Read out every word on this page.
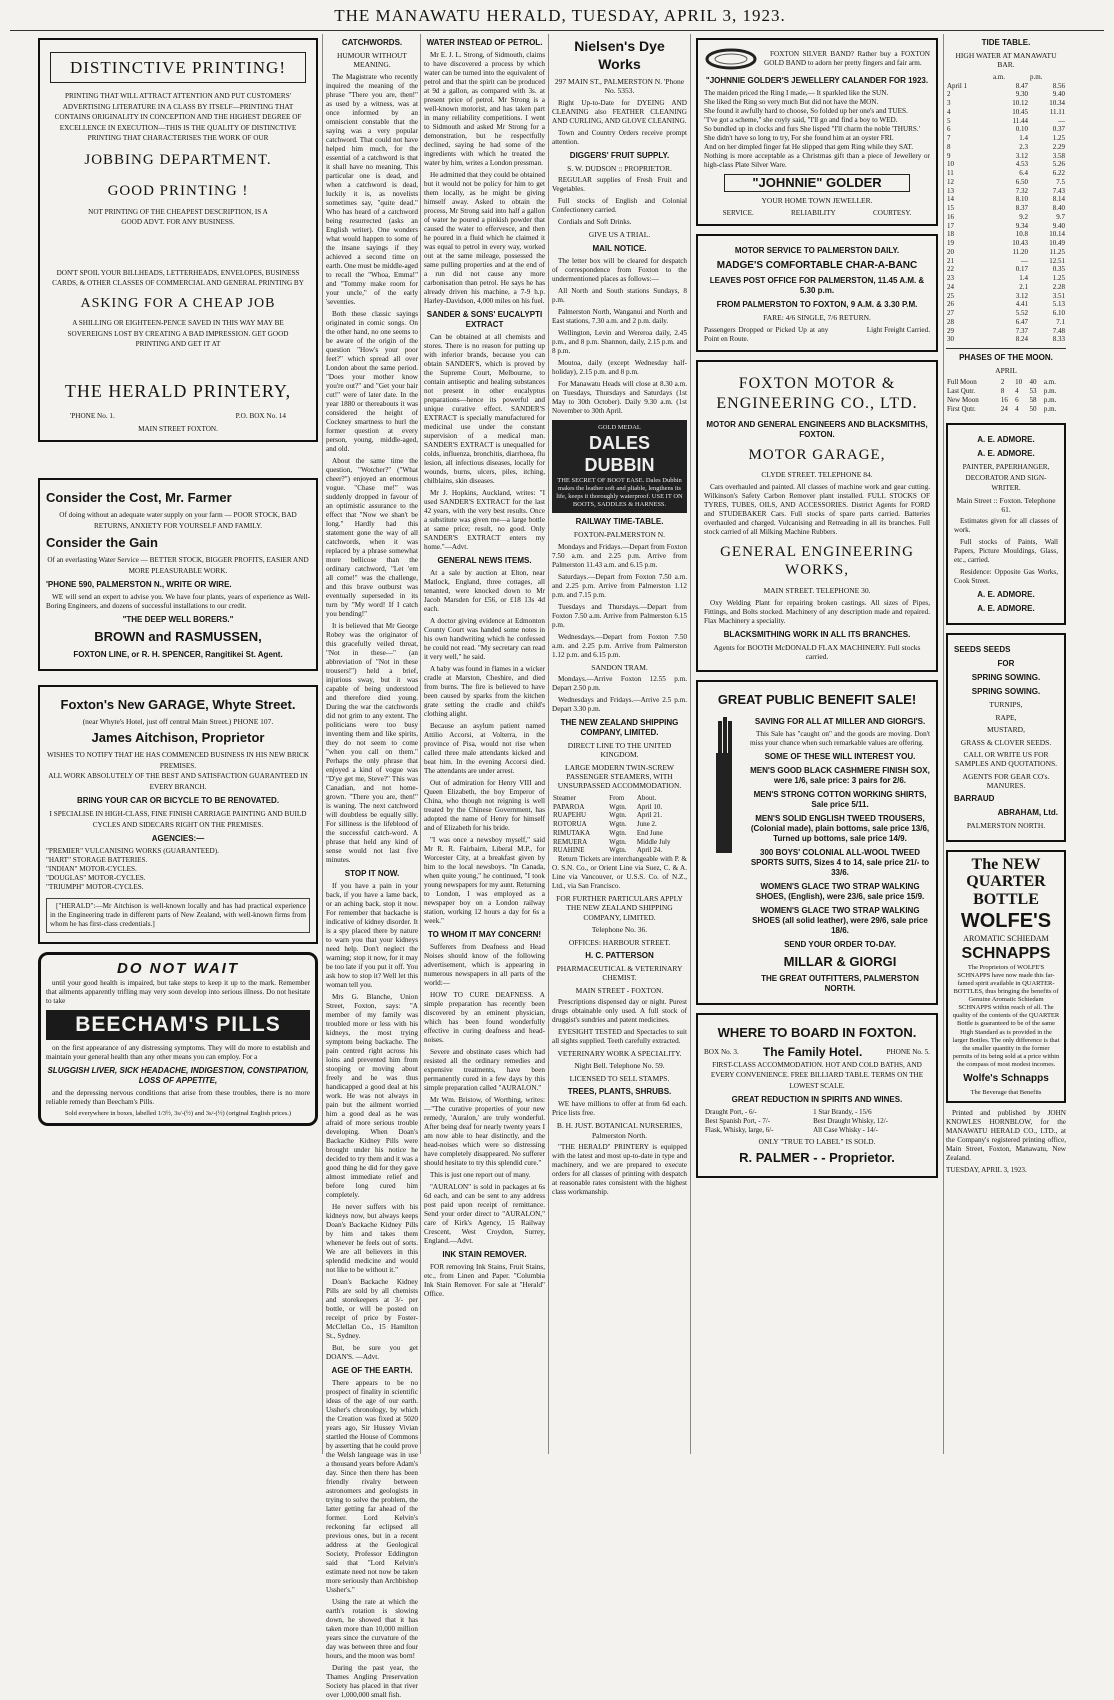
THE MANAWATU HERALD, TUESDAY, APRIL 3, 1923.
DISTINCTIVE PRINTING!
PRINTING THAT WILL ATTRACT ATTENTION AND PUT CUSTOMERS' ADVERTISING LITERATURE IN A CLASS BY ITSELF—PRINTING THAT CONTAINS ORIGINALITY IN CONCEPTION AND THE HIGHEST DEGREE OF EXCELLENCE IN EXECUTION—THIS IS THE QUALITY OF DISTINCTIVE PRINTING THAT CHARACTERISES THE WORK OF OUR
JOBBING DEPARTMENT.
GOOD PRINTING !
NOT PRINTING OF THE CHEAPEST DESCRIPTION, IS A GOOD ADVT. FOR ANY BUSINESS.
DON'T SPOIL YOUR BILLHEADS, LETTERHEADS, ENVELOPES, BUSINESS CARDS, & OTHER CLASSES OF COMMERCIAL AND GENERAL PRINTING BY
ASKING FOR A CHEAP JOB
A SHILLING OR EIGHTEEN-PENCE SAVED IN THIS WAY MAY BE SOVEREIGNS LOST BY CREATING A BAD IMPRESSION. GET GOOD PRINTING AND GET IT AT
THE HERALD PRINTERY,
'PHONE No. 1.	P.O. BOX No. 14
MAIN STREET FOXTON.
Consider the Cost, Mr. Farmer
Of doing without an adequate water supply on your farm — POOR STOCK, BAD RETURNS, ANXIETY FOR YOURSELF AND FAMILY.
Consider the Gain
Of an everlasting Water Service — BETTER STOCK, BIGGER PROFITS, EASIER AND MORE PLEASURABLE WORK.
'PHONE 590, PALMERSTON N., WRITE OR WIRE.

WE will send an expert to advise you. We have four plants, years of experience as Well-Boring Engineers, and dozens of successful installations to our credit.

"THE DEEP WELL BORERS."
BROWN and RASMUSSEN,
FOXTON LINE, or R. H. SPENCER, Rangitikei St. Agent.
Foxton's New GARAGE, Whyte Street.
(near Whyte's Hotel, just off central Main Street.) PHONE 107.
James Aitchison, Proprietor
WISHES TO NOTIFY THAT HE HAS COMMENCED BUSINESS IN HIS NEW BRICK PREMISES.
ALL WORK ABSOLUTELY OF THE BEST AND SATISFACTION GUARANTEED IN EVERY BRANCH.
BRING YOUR CAR OR BICYCLE TO BE RENOVATED.
I SPECIALISE IN HIGH-CLASS, FINE FINISH CARRIAGE PAINTING AND BUILD CYCLES AND SIDECARS RIGHT ON THE PREMISES.
AGENCIES:—
"PREMIER" VULCANISING WORKS (GUARANTEED).
"HART" STORAGE BATTERIES.
"INDIAN" MOTOR-CYCLES.
"DOUGLAS" MOTOR-CYCLES.
"TRIUMPH" MOTOR-CYCLES.

["HERALD":—Mr Aitchison is well-known locally and has had practical experience in the Engineering trade in different parts of New Zealand, with well-known firms from whom he has first-class credentials.]

DO NOT WAIT

until your good health is impaired, but take steps to keep it up to the mark. Remember that ailments apparently trifling may very soon develop into serious illness. Do not hesitate to take

BEECHAM'S PILLS

on the first appearance of any distressing symptoms. They will do more to establish and maintain your general health than any other means you can employ. For a

SLUGGISH LIVER, SICK HEADACHE, INDIGESTION, CONSTIPATION, LOSS OF APPETITE,

and the depressing nervous conditions that arise from these troubles, there is no more reliable remedy than Beecham's Pills.

Sold everywhere in boxes, labelled 1/3½, 3s/-(½) and 3s/-(½) (original English prices.)
CATCHWORDS.
HUMOUR WITHOUT MEANING.

The Magistrate who recently inquired the meaning of the phrase "There you are, then!" as used by a witness, was at once informed by an omniscient constable that the saying was a very popular catchword. That could not have helped him much, for the essential of a catchword is that it shall have no meaning. This particular one is dead, and when a catchword is dead, luckily it is, as novelists sometimes say, "quite dead." Who has heard of a catchword being resurrected (asks an English writer). One wonders what would happen to some of the insane sayings if they achieved a second time on earth. One must be middle-aged to recall the "Whoa, Emma!" and "Tommy make room for your uncle," of the early 'seventies.

Both these classic sayings originated in comic songs. On the other hand, no one seems to be aware of the origin of the question "How's your poor feet?" which spread all over London about the same period. "Does your mother know you're out?" and "Get your hair cut!" were of later date. In the year 1880 or thereabouts it was considered the height of Cockney smartness to hurl the former question at every person, young, middle-aged, and old.

About the same time the question, "Wotcher?" ("What cheer?") enjoyed an enormous vogue. "Chase me!" was suddenly dropped in favour of an optimistic assurance to the effect that "Now we shan't be long." Hardly had this statement gone the way of all catchwords, when it was replaced by a phrase somewhat more bellicose than the ordinary catchword, "Let 'em all come!" was the challenge, and this brave outburst was eventually superseded in its turn by "My word! If I catch you bending!"

It is believed that Mr George Robey was the originator of this gracefully veiled threat, "Not in these—" (an abbreviation of "Not in these trousers!") held a brief, injurious sway, but it was capable of being understood and therefore died young. During the war the catchwords did not grim to any extent. The politicians were too busy inventing them and like spirits, they do not seem to come "when you call on them." Perhaps the only phrase that enjoyed a kind of vogue was "D'ye get me, Steve?" This was Canadian, and not home-grown. "There you are, then!" is waning. The next catchword will doubtless be equally silly. For silliness is the lifeblood of the successful catch-word. A phrase that held any kind of sense would not last five minutes.

STOP IT NOW.

If you have a pain in your back, if you have a lame back, or an aching back, stop it now. For remember that backache is indicative of kidney disorder. It is a spy placed there by nature to warn you that your kidneys need help. Don't neglect the warning; stop it now, for it may be too late if you put it off. You ask how to stop it? Well let this woman tell you.

Mrs G. Blanche, Union Street, Foxton, says: "A member of my family was troubled more or less with his kidneys, the most trying symptom being backache. The pain centred right across his loins and prevented him from stooping or moving about freely and he was thus handicapped a good deal at his work. He was not always in pain but the ailment worried him a good deal as he was afraid of more serious trouble developing. When Doan's Backache Kidney Pills were brought under his notice he decided to try them and it was a good thing he did for they gave almost immediate relief and before long cured him completely.

He never suffers with his kidneys now, but always keeps Doan's Backache Kidney Pills by him and takes them whenever he feels out of sorts. We are all believers in this splendid medicine and would not like to be without it."

Doan's Backache Kidney Pills are sold by all chemists and storekeepers at 3/- per bottle, or will be posted on receipt of price by Foster-McClellan Co., 15 Hamilton St., Sydney.

But, be sure you get DOAN'S. —Advt.

AGE OF THE EARTH.

There appears to be no prospect of finality in scientific ideas of the age of our earth. Ussher's chronology, by which the Creation was fixed at 5020 years ago, Sir Hussey Vivian startled the House of Commons by asserting that he could prove the Welsh language was in use a thousand years before Adam's day. Since then there has been friendly rivalry between astronomers and geologists in trying to solve the problem, the latter getting far ahead of the former. Lord Kelvin's reckoning far eclipsed all previous ones, but in a recent address at the Geological Society, Professor Eddington said that "Lord Kelvin's estimate need not now be taken more seriously than Archbishop Ussher's."

Using the rate at which the earth's rotation is slowing down, he showed that it has taken more than 10,000 million years since the curvature of the day was between three and four hours, and the moon was born!

During the past year, the Thames Angling Preservation Society has placed in that river over 1,000,000 small fish.

WATER INSTEAD OF PETROL.

Mr E. J. L. Strong, of Sidmouth, claims to have discovered a process by which water can be turned into the equivalent of petrol and that the spirit can be produced at 9d a gallon, as compared with 3s. at present price of petrol. Mr Strong is a well-known motorist, and has taken part in many reliability competitions. I went to Sidmouth and asked Mr Strong for a demonstration, but he respectfully declined, saying he had some of the ingredients with which he treated the water by him, writes a London pressman.

He admitted that they could be obtained but it would not be policy for him to get them locally, as he might be giving himself away. Asked to obtain the process, Mr Strong said into half a gallon of water he poured a pinkish powder that caused the water to effervesce, and then he poured in a fluid which he claimed it was equal to petrol in every way, worked out at the same mileage, possessed the same pulling properties and at the end of a run did not cause any more carbonisation than petrol. He says he has already driven his machine, a 7-9 h.p. Harley-Davidson, 4,000 miles on his fuel.

SANDER & SONS' EUCALYPTI EXTRACT

Can be obtained at all chemists and stores. There is no reason for putting up with inferior brands, because you can obtain SANDER'S, which is proved by the Supreme Court, Melbourne, to contain antiseptic and healing substances not present in other eucalyptus preparations—hence its powerful and unique curative effect. SANDER'S EXTRACT is specially manufactured for medicinal use under the constant supervision of a medical man. SANDER'S EXTRACT is unequalled for colds, influenza, bronchitis, diarrhoea, flu lesion, all infectious diseases, locally for wounds, burns, ulcers, piles, itching, chilblains, skin diseases.

Mr J. Hopkins, Auckland, writes: "I used SANDER'S EXTRACT for the last 42 years, with the very best results. Once a substitute was given me—a large bottle at same price; result, no good. Only SANDER'S EXTRACT enters my home."—Advt.

GENERAL NEWS ITEMS.

At a sale by auction at Elton, near Matlock, England, three cottages, all tenanted, were knocked down to Mr Jacob Marsden for £56, or £18 13s 4d each.

A doctor giving evidence at Edmonton County Court was handed some notes in his own handwriting which he confessed he could not read. "My secretary can read it very well," he said.

A baby was found in flames in a wicker cradle at Marston, Cheshire, and died from burns. The fire is believed to have been caused by sparks from the kitchen grate setting the cradle and child's clothing alight.

Because an asylum patient named Attilio Accorsi, at Volterra, in the province of Pisa, would not rise when called three male attendants kicked and beat him. In the evening Accorsi died. The attendants are under arrest.

Out of admiration for Henry VIII and Queen Elizabeth, the boy Emperor of China, who though not reigning is well treated by the Chinese Government, has adopted the name of Henry for himself and of Elizabeth for his bride.

"I was once a newsboy myself," said Mr R. R. Fairbairn, Liberal M.P., for Worcester City, at a breakfast given by him to the local newsboys. "In Canada, when quite young," he continued, "I took young newspapers for my aunt. Returning to London, I was employed as a newspaper boy on a London railway station, working 12 hours a day for 6s a week."

TO WHOM IT MAY CONCERN!

Sufferers from Deafness and Head Noises should know of the following advertisement, which is appearing in numerous newspapers in all parts of the world:—

HOW TO CURE DEAFNESS. A simple preparation has recently been discovered by an eminent physician, which has been found wonderfully effective in curing deafness and head-noises.

Severe and obstinate cases which had resisted all the ordinary remedies and expensive treatments, have been permanently cured in a few days by this simple preparation called "AURALON."

Mr Wm. Bristow, of Worthing, writes:—"The curative properties of your new remedy, 'Auralon,' are truly wonderful. After being deaf for nearly twenty years I am now able to hear distinctly, and the head-noises which were so distressing have completely disappeared. No sufferer should hesitate to try this splendid cure."

This is just one report out of many.

"AURALON" is sold in packages at 6s 6d each, and can be sent to any address post paid upon receipt of remittance. Send your order direct to "AURALON," care of Kirk's Agency, 15 Railway Crescent, West Croydon, Surrey, England.—Advt.

INK STAIN REMOVER.

FOR removing Ink Stains, Fruit Stains, etc., from Linen and Paper. "Columbia Ink Stain Remover. For sale at "Herald" Office.

Nielsen's Dye Works
297 MAIN ST., PALMERSTON N. 'Phone No. 5353.

Right Up-to-Date for DYEING AND CLEANING also FEATHER CLEANING AND CURLING, AND GLOVE CLEANING.

Town and Country Orders receive prompt attention.

DIGGERS' FRUIT SUPPLY.
S. W. DUDSON :: PROPRIETOR.

REGULAR supplies of Fresh Fruit and Vegetables.

Full stocks of English and Colonial Confectionery carried.

Cordials and Soft Drinks.

GIVE US A TRIAL.
MAIL NOTICE.

The letter box will be cleared for despatch of correspondence from Foxton to the undermentioned places as follows:—

All North and South stations Sundays, 8 p.m.

Palmerston North, Wanganui and North and East stations, 7.30 a.m. and 2 p.m. daily.

Wellington, Levin and Wereroa daily, 2.45 p.m., and 8 p.m. Shannon, daily, 2.15 p.m. and 8 p.m.

Moutoa, daily (except Wednesday half-holiday), 2.15 p.m. and 8 p.m.

For Manawatu Heads will close at 8.30 a.m. on Tuesdays, Thursdays and Saturdays (1st May to 30th October). Daily 9.30 a.m. (1st November to 30th April.

GOLD MEDAL
DALES DUBBIN
THE SECRET OF BOOT EASE. Dales Dubbin makes the leather soft and pliable, lengthens its life, keeps it thoroughly waterproof. USE IT ON BOOTS, SADDLES & HARNESS.
RAILWAY TIME-TABLE.
FOXTON-PALMERSTON N.

Mondays and Fridays.—Depart from Foxton 7.50 a.m. and 2.25 p.m. Arrive from Palmerston 11.43 a.m. and 6.15 p.m.

Saturdays.—Depart from Foxton 7.50 a.m. and 2.25 p.m. Arrive from Palmerston 1.12 p.m. and 7.15 p.m.

Tuesdays and Thursdays.—Depart from Foxton 7.50 a.m. Arrive from Palmerston 6.15 p.m.

Wednesdays.—Depart from Foxton 7.50 a.m. and 2.25 p.m. Arrive from Palmerston 1.12 p.m. and 6.15 p.m.

SANDON TRAM.

Mondays.—Arrive Foxton 12.55 p.m. Depart 2.50 p.m.

Wednesdays and Fridays.—Arrive 2.5 p.m. Depart 3.30 p.m.

THE NEW ZEALAND SHIPPING COMPANY, LIMITED.
DIRECT LINE TO THE UNITED KINGDOM.
LARGE MODERN TWIN-SCREW PASSENGER STEAMERS, WITH UNSURPASSED ACCOMMODATION.
Steamer	From	About.
PAPAROA	Wgtn.	April 10.
RUAPEHU	Wgtn.	April 21.
ROTORUA	Wgtn.	June 2.
RIMUTAKA	Wgtn.	End June
REMUERA	Wgtn.	Middle July
RUAHINE	Wgtn.	April 24.

Return Tickets are interchangeable with P. & O. S.N. Co., or Orient Line via Suez, C. & A. Line via Vancouver, or U.S.S. Co. of N.Z., Ltd., via San Francisco.

FOR FURTHER PARTICULARS APPLY THE NEW ZEALAND SHIPPING COMPANY, LIMITED.
Telephone No. 36.
OFFICES: HARBOUR STREET.
H. C. PATTERSON
PHARMACEUTICAL & VETERINARY CHEMIST.
MAIN STREET - FOXTON.

Prescriptions dispensed day or night. Purest drugs obtainable only used. A full stock of druggist's sundries and patent medicines.

EYESIGHT TESTED and Spectacles to suit all sights supplied. Teeth carefully extracted.

VETERINARY WORK A SPECIALITY.
Night Bell. Telephone No. 59.
LICENSED TO SELL STAMPS.
TREES, PLANTS, SHRUBS.

WE have millions to offer at from 6d each. Price lists free.

B. H. JUST. BOTANICAL NURSERIES, Palmerston North.

"THE HERALD" PRINTERY is equipped with the latest and most up-to-date in type and machinery, and we are prepared to execute orders for all classes of printing with despatch at reasonable rates consistent with the highest class workmanship.

FOXTON SILVER BAND? Rather buy a FOXTON GOLD BAND to adorn her pretty fingers and fair arm.

"JOHNNIE GOLDER'S JEWELLERY CALANDER FOR 1923.
The maiden priced the Ring I made,— It sparkled like the SUN.
She liked the Ring so very much But did not have the MON.
She found it awfully hard to choose, So folded up her one's and TUES.
"I've got a scheme," she coyly said, "I'll go and find a boy to WED.
So bundled up in clocks and furs She lisped "I'll charm the noble 'THURS.'
She didn't have so long to try, For she found him at an oyster FRI.
And on her dimpled finger fat He slipped that gem Ring while they SAT.
Nothing is more acceptable as a Christmas gift than a piece of Jewellery or high-class Plate Silver Ware.
"JOHNNIE" GOLDER
YOUR HOME TOWN JEWELLER.
SERVICE.	RELIABILITY	COURTESY.
MOTOR SERVICE TO PALMERSTON DAILY.
MADGE'S COMFORTABLE CHAR-A-BANC
LEAVES POST OFFICE FOR PALMERSTON, 11.45 A.M. & 5.30 p.m.
FROM PALMERSTON TO FOXTON, 9 A.M. & 3.30 P.M.
FARE: 4/6 SINGLE, 7/6 RETURN.
Passengers Dropped or Picked Up at any Point en Route.
Light Freight Carried.
FOXTON MOTOR & ENGINEERING CO., LTD.
MOTOR AND GENERAL ENGINEERS AND BLACKSMITHS, FOXTON.
MOTOR GARAGE,
CLYDE STREET. TELEPHONE 84.

Cars overhauled and painted. All classes of machine work and gear cutting. Wilkinson's Safety Carbon Remover plant installed. FULL STOCKS OF TYRES, TUBES, OILS, AND ACCESSORIES. District Agents for FORD and STUDEBAKER Cars. Full stocks of spare parts carried. Batteries overhauled and charged. Vulcanising and Retreading in all its branches. Full stock carried of all Milking Machine Rubbers.

GENERAL ENGINEERING WORKS,
MAIN STREET. TELEPHONE 30.

Oxy Welding Plant for repairing broken castings. All sizes of Pipes, Fittings, and Bolts stocked. Machinery of any description made and repaired. Flax Machinery a speciality.

BLACKSMITHING WORK IN ALL ITS BRANCHES.
Agents for BOOTH McDONALD FLAX MACHINERY. Full stocks carried.
GREAT PUBLIC BENEFIT SALE!
SAVING FOR ALL AT MILLER AND GIORGI'S.

This Sale has "caught on" and the goods are moving. Don't miss your chance when such remarkable values are offering.

SOME OF THESE WILL INTEREST YOU.
MEN'S GOOD BLACK CASHMERE FINISH SOX, were 1/6, sale price: 3 pairs for 2/6.
MEN'S STRONG COTTON WORKING SHIRTS, Sale price 5/11.
MEN'S SOLID ENGLISH TWEED TROUSERS, (Colonial made), plain bottoms, sale price 13/6, Turned up bottoms, sale price 14/9.
300 BOYS' COLONIAL ALL-WOOL TWEED SPORTS SUITS, Sizes 4 to 14, sale price 21/- to 33/6.
WOMEN'S GLACE TWO STRAP WALKING SHOES, (English), were 23/6, sale price 15/9.
WOMEN'S GLACE TWO STRAP WALKING SHOES (all solid leather), were 29/6, sale price 18/6.
SEND YOUR ORDER TO-DAY.
MILLAR & GIORGI
THE GREAT OUTFITTERS, PALMERSTON NORTH.
WHERE TO BOARD IN FOXTON.
BOX No. 3. The Family Hotel.	PHONE No. 5.
FIRST-CLASS ACCOMMODATION. HOT AND COLD BATHS, AND EVERY CONVENIENCE. FREE BILLIARD TABLE. TERMS ON THE LOWEST SCALE.
GREAT REDUCTION IN SPIRITS AND WINES.
Draught Port, - 6/-	1 Star Brandy, - 15/6
Best Spanish Port, - 7/-	Best Draught Whisky, 12/-
Flask, Whisky, large, 6/-	All Case Whisky - 14/-
ONLY "TRUE TO LABEL" IS SOLD.
R. PALMER - - Proprietor.
TIDE TABLE.
HIGH WATER AT MANAWATU BAR.
	a.m.	p.m.
April 1	8.47	8.56
2	9.30	9.40
3	10.12	10.34
4	10.45	11.11
5	11.44	—
6	0.10	0.37
7	1.4	1.25
8	2.3	2.29
9	3.12	3.58
10	4.53	5.26
11	6.4	6.22
12	6.50	7.5
13	7.32	7.43
14	8.10	8.14
15	8.37	8.40
16	9.2	9.7
17	9.34	9.40
18	10.8	10.14
19	10.43	10.49
20	11.20	11.25
21	—	12.51
22	0.17	0.35
23	1.4	1.25
24	2.1	2.28
25	3.12	3.51
26	4.41	5.13
27	5.52	6.10
28	6.47	7.1
29	7.37	7.48
30	8.24	8.33
PHASES OF THE MOON.
APRIL
Full Moon	2	10	40	a.m.
Last Qutr.	8	4	53	p.m.
New Moon	16	6	58	p.m.
First Qutr.	24	4	50	p.m.
A. E. ADMORE.
A. E. ADMORE.
PAINTER, PAPERHANGER, DECORATOR AND SIGN-WRITER.
Main Street :: Foxton. Telephone 61.

Estimates given for all classes of work.

Full stocks of Paints, Wall Papers, Picture Mouldings, Glass, etc., carried.

Residence: Opposite Gas Works, Cook Street.

A. E. ADMORE.
A. E. ADMORE.
SEEDS SEEDS
FOR
SPRING SOWING.
SPRING SOWING.
TURNIPS,
RAPE,
MUSTARD,
GRASS & CLOVER SEEDS.
CALL OR WRITE US FOR SAMPLES AND QUOTATIONS.
AGENTS FOR GEAR CO's. MANURES.
BARRAUD
ABRAHAM, Ltd.
PALMERSTON NORTH.
The NEW QUARTER BOTTLE
WOLFE'S
AROMATIC SCHIEDAM
SCHNAPPS
The Proprietors of WOLFE'S SCHNAPPS have now made this far-famed spirit available in QUARTER-BOTTLES, thus bringing the benefits of Genuine Aromatic Schiedam SCHNAPPS within reach of all. The quality of the contents of the QUARTER Bottle is guaranteed to be of the same High Standard as is provided in the larger Bottles. The only difference is that the smaller quantity in the former permits of its being sold at a price within the compass of most modest incomes.
Wolfe's Schnapps
The Beverage that Benefits

Printed and published by JOHN KNOWLES HORNBLOW, for the MANAWATU HERALD CO., LTD., at the Company's registered printing office, Main Street, Foxton, Manawatu, New Zealand.

TUESDAY, APRIL 3, 1923.
